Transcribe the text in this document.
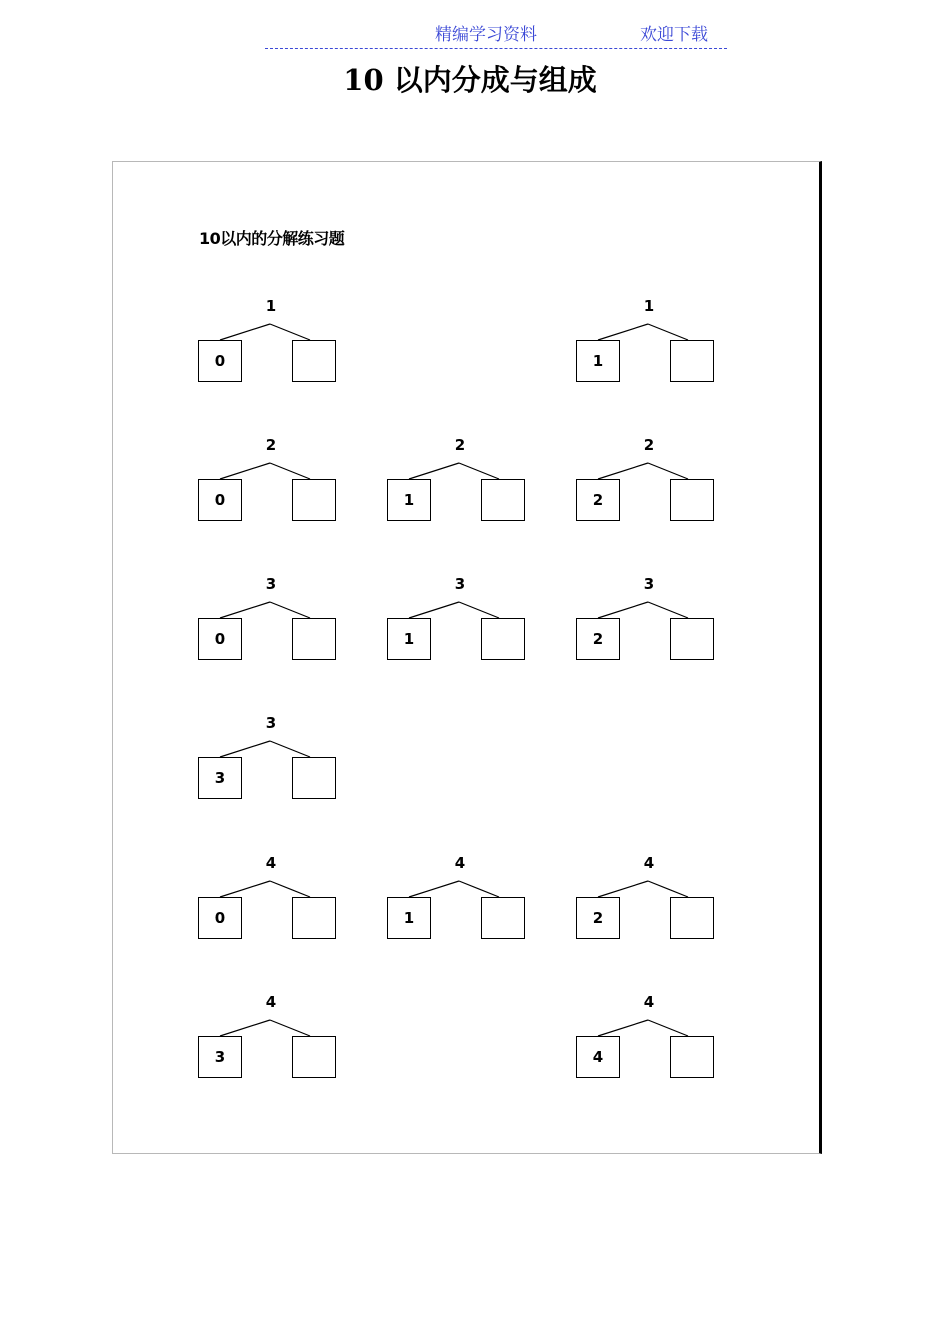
精编学习资料	欢迎下载
10 以内分成与组成
10以内的分解练习题
1
0
1
1
2
0
2
1
2
2
3
0
3
1
3
2
3
3
4
0
4
1
4
2
4
3
4
4
